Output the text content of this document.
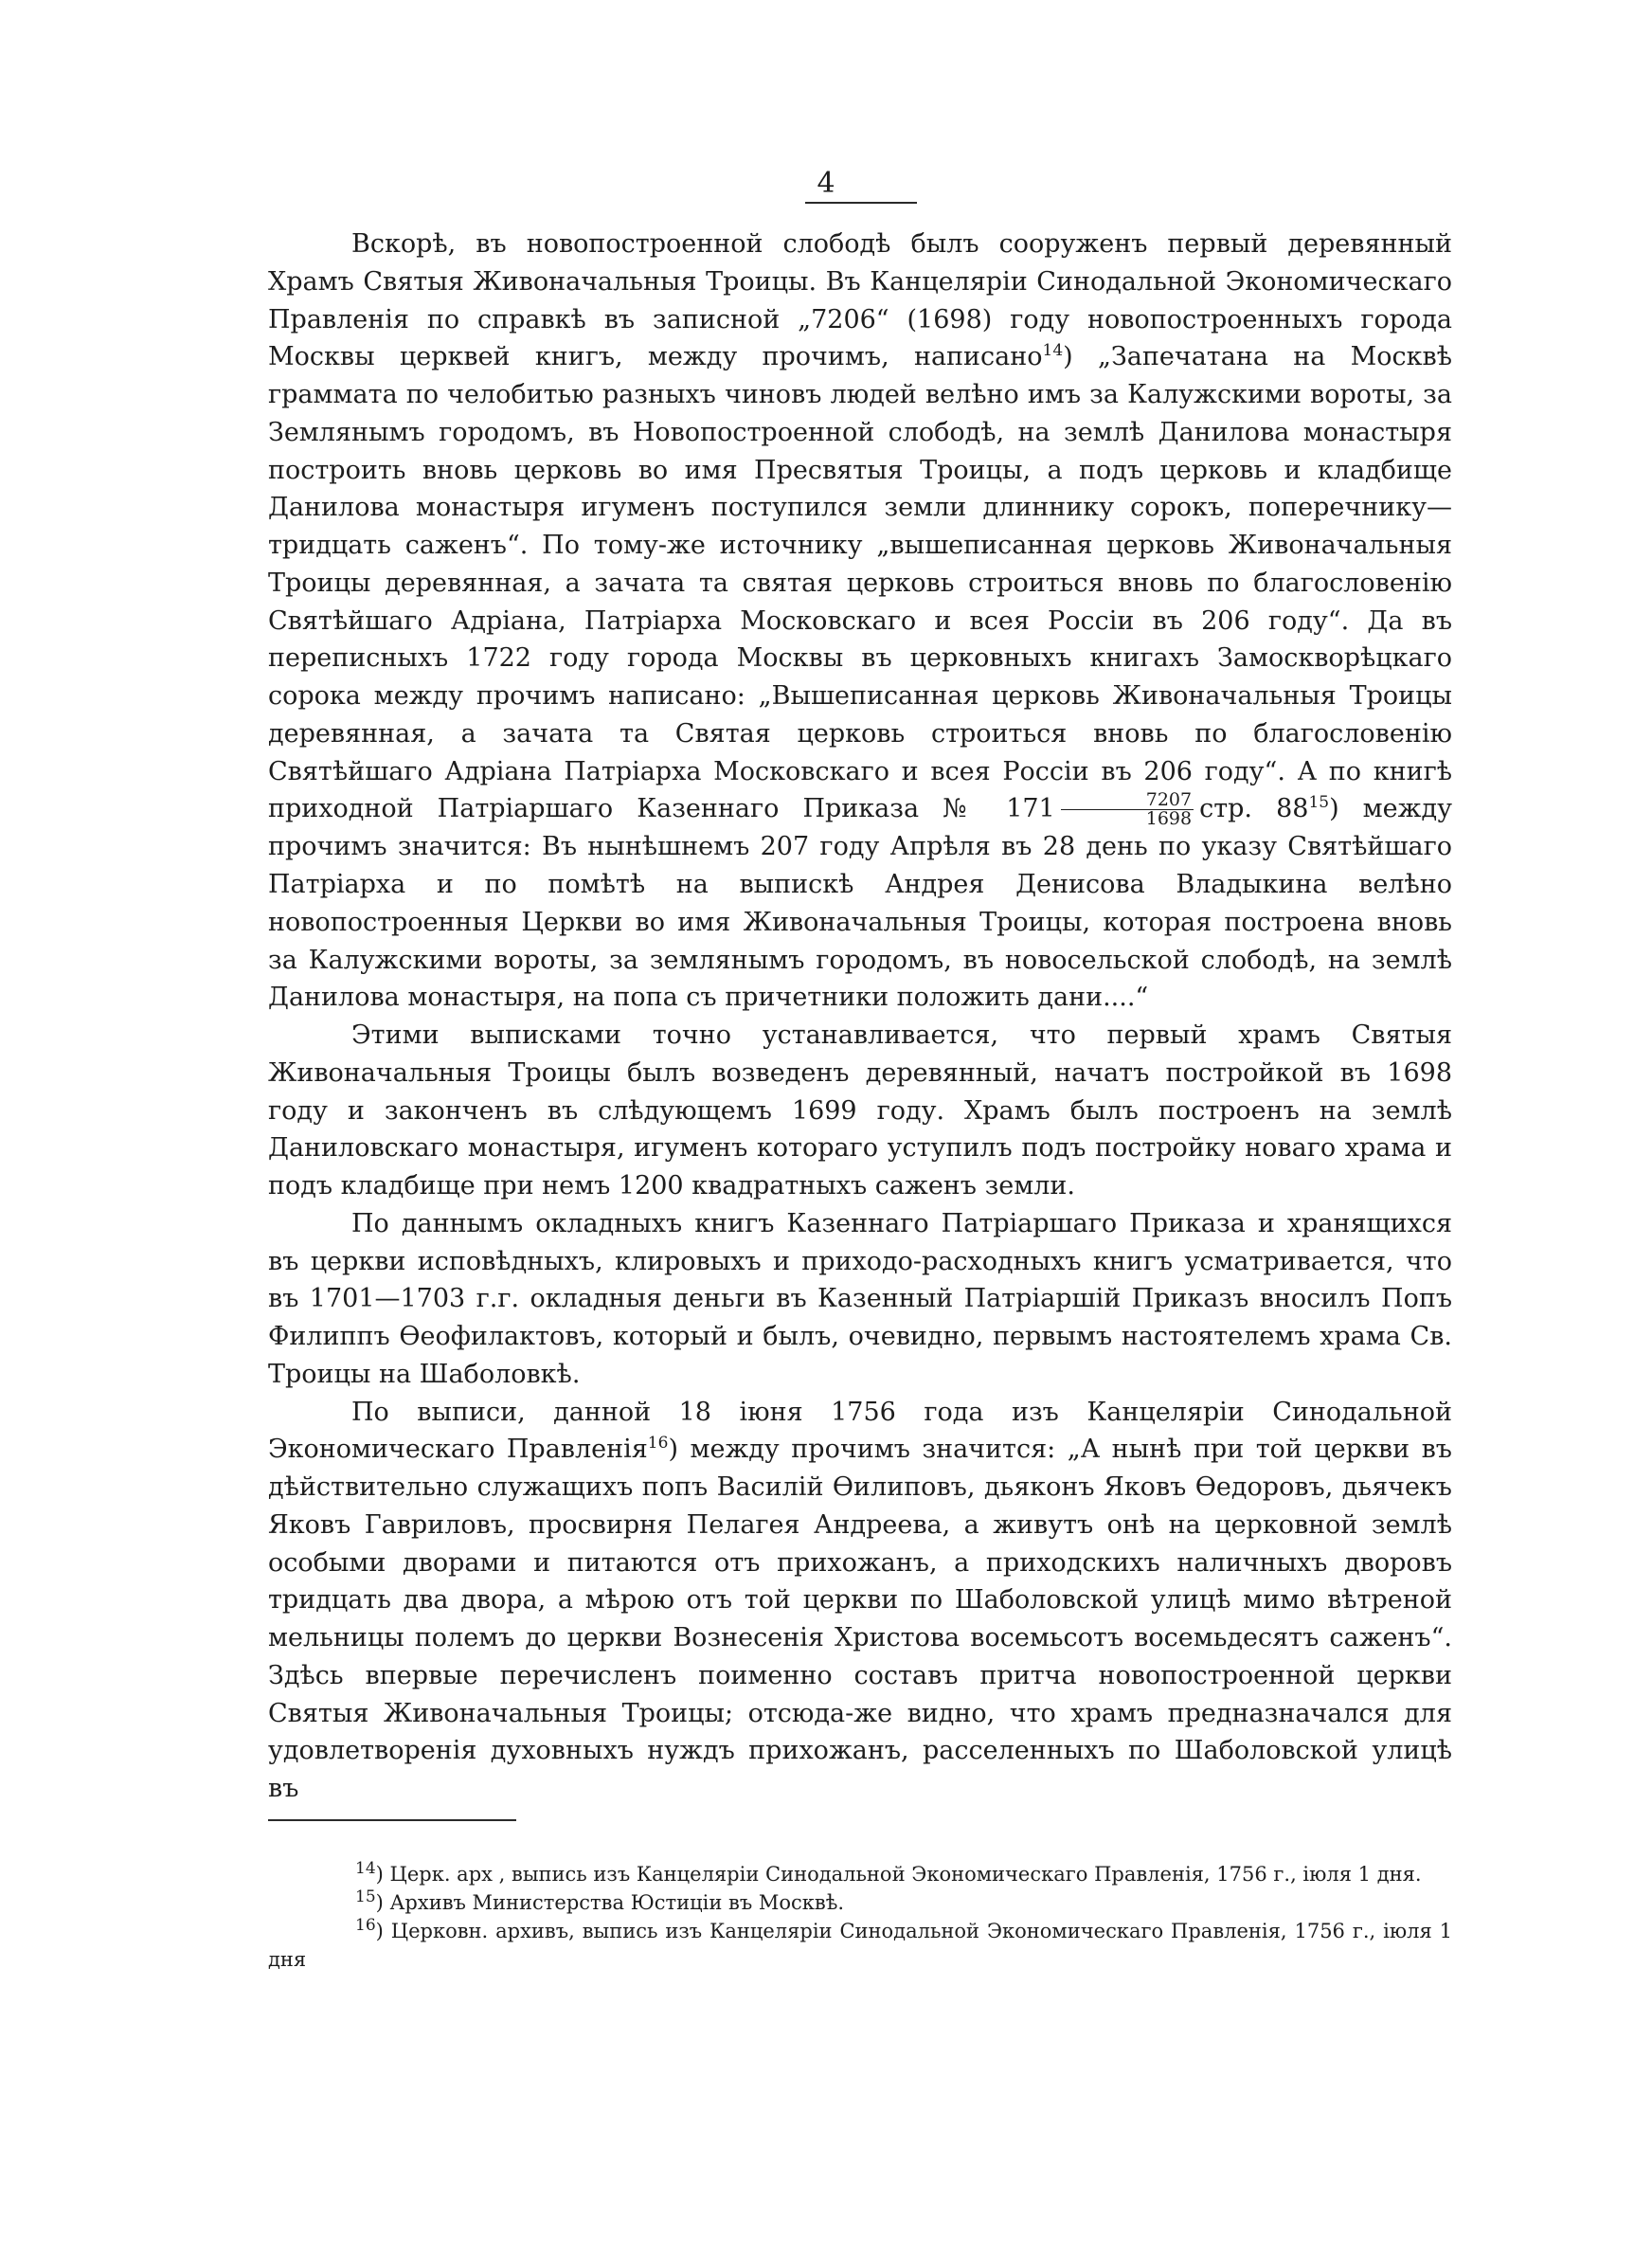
4

Вскорѣ, въ новопостроенной слободѣ былъ сооруженъ первый деревянный Храмъ Святыя Живоначальныя Троицы. Въ Канцеляріи Синодальной Экономическаго Правленія по справкѣ въ записной „7206“ (1698) году новопостроенныхъ города Москвы церквей книгъ, между прочимъ, написано$^{14}$) „Запечатана на Москвѣ граммата по челобитью разныхъ чиновъ людей велѣно имъ за Калужскими вороты, за Землянымъ городомъ, въ Новопостроенной слободѣ, на землѣ Данилова монастыря построить вновь церковь во имя Пресвятыя Троицы, а подъ церковь и кладбище Данилова монастыря игуменъ поступился земли длиннику сорокъ, поперечнику—тридцать саженъ“. По тому-же источнику „вышеписанная церковь Живоначальныя Троицы деревянная, а зачата та святая церковь строиться вновь по благословенію Святѣйшаго Адріана, Патріарха Московскаго и всея Россіи въ 206 году“. Да въ переписныхъ 1722 году города Москвы въ церковныхъ книгахъ Замоскворѣцкаго сорока между прочимъ написано: „Вышеписанная церковь Живоначальныя Троицы деревянная, а зачата та Святая церковь строиться вновь по благословенію Святѣйшаго Адріана Патріарха Московскаго и всея Россіи въ 206 году“. А по книгѣ приходной Патріаршаго Казеннаго Приказа № $171 \frac{7207}{1698}$ стр. $88^{15}$) между прочимъ значится: Въ нынѣшнемъ 207 году Апрѣля въ 28 день по указу Святѣйшаго Патріарха и по помѣтѣ на выпискѣ Андрея Денисова Владыкина велѣно новопостроенныя Церкви во имя Живоначальныя Троицы, которая построена вновь за Калужскими вороты, за землянымъ городомъ, въ новосельской слободѣ, на землѣ Данилова монастыря, на попа съ причетники положить дани....“

Этими выписками точно устанавливается, что первый храмъ Святыя Живоначальныя Троицы былъ возведенъ деревянный, начатъ постройкой въ 1698 году и законченъ въ слѣдующемъ 1699 году. Храмъ былъ построенъ на землѣ Даниловскаго монастыря, игуменъ котораго уступилъ подъ постройку новаго храма и подъ кладбище при немъ 1200 квадратныхъ саженъ земли.

По даннымъ окладныхъ книгъ Казеннаго Патріаршаго Приказа и хранящихся въ церкви исповѣдныхъ, клировыхъ и приходо-расходныхъ книгъ усматривается, что въ 1701—1703 г.г. окладныя деньги въ Казенный Патріаршій Приказъ вносилъ Попъ Филиппъ Ѳеофилактовъ, который и былъ, очевидно, первымъ настоятелемъ храма Св. Троицы на Шаболовкѣ.

По выписи, данной 18 іюня 1756 года изъ Канцеляріи Синодальной Экономическаго Правленія$^{16}$) между прочимъ значится: „А нынѣ при той церкви въ дѣйствительно служащихъ попъ Василій Ѳилиповъ, дьяконъ Яковъ Ѳедоровъ, дьячекъ Яковъ Гавриловъ, просвирня Пелагея Андреева, а живутъ онѣ на церковной землѣ особыми дворами и питаются отъ прихожанъ, а приходскихъ наличныхъ дворовъ тридцать два двора, а мѣрою отъ той церкви по Шаболовской улицѣ мимо вѣтреной мельницы полемъ до церкви Вознесенія Христова восемьсотъ восемьдесятъ саженъ“. Здѣсь впервые перечисленъ поименно составъ притча новопостроенной церкви Святыя Живоначальныя Троицы; отсюда-же видно, что храмъ предназначался для удовлетворенія духовныхъ нуждъ прихожанъ, расселенныхъ по Шаболовской улицѣ въ

$^{14}$) Церк. арх , выпись изъ Канцеляріи Синодальной Экономическаго Правленія, 1756 г., іюля 1 дня.

$^{15}$) Архивъ Министерства Юстиціи въ Москвѣ.

$^{16}$) Церковн. архивъ, выпись изъ Канцеляріи Синодальной Экономическаго Правленія, 1756 г., іюля 1 дня
